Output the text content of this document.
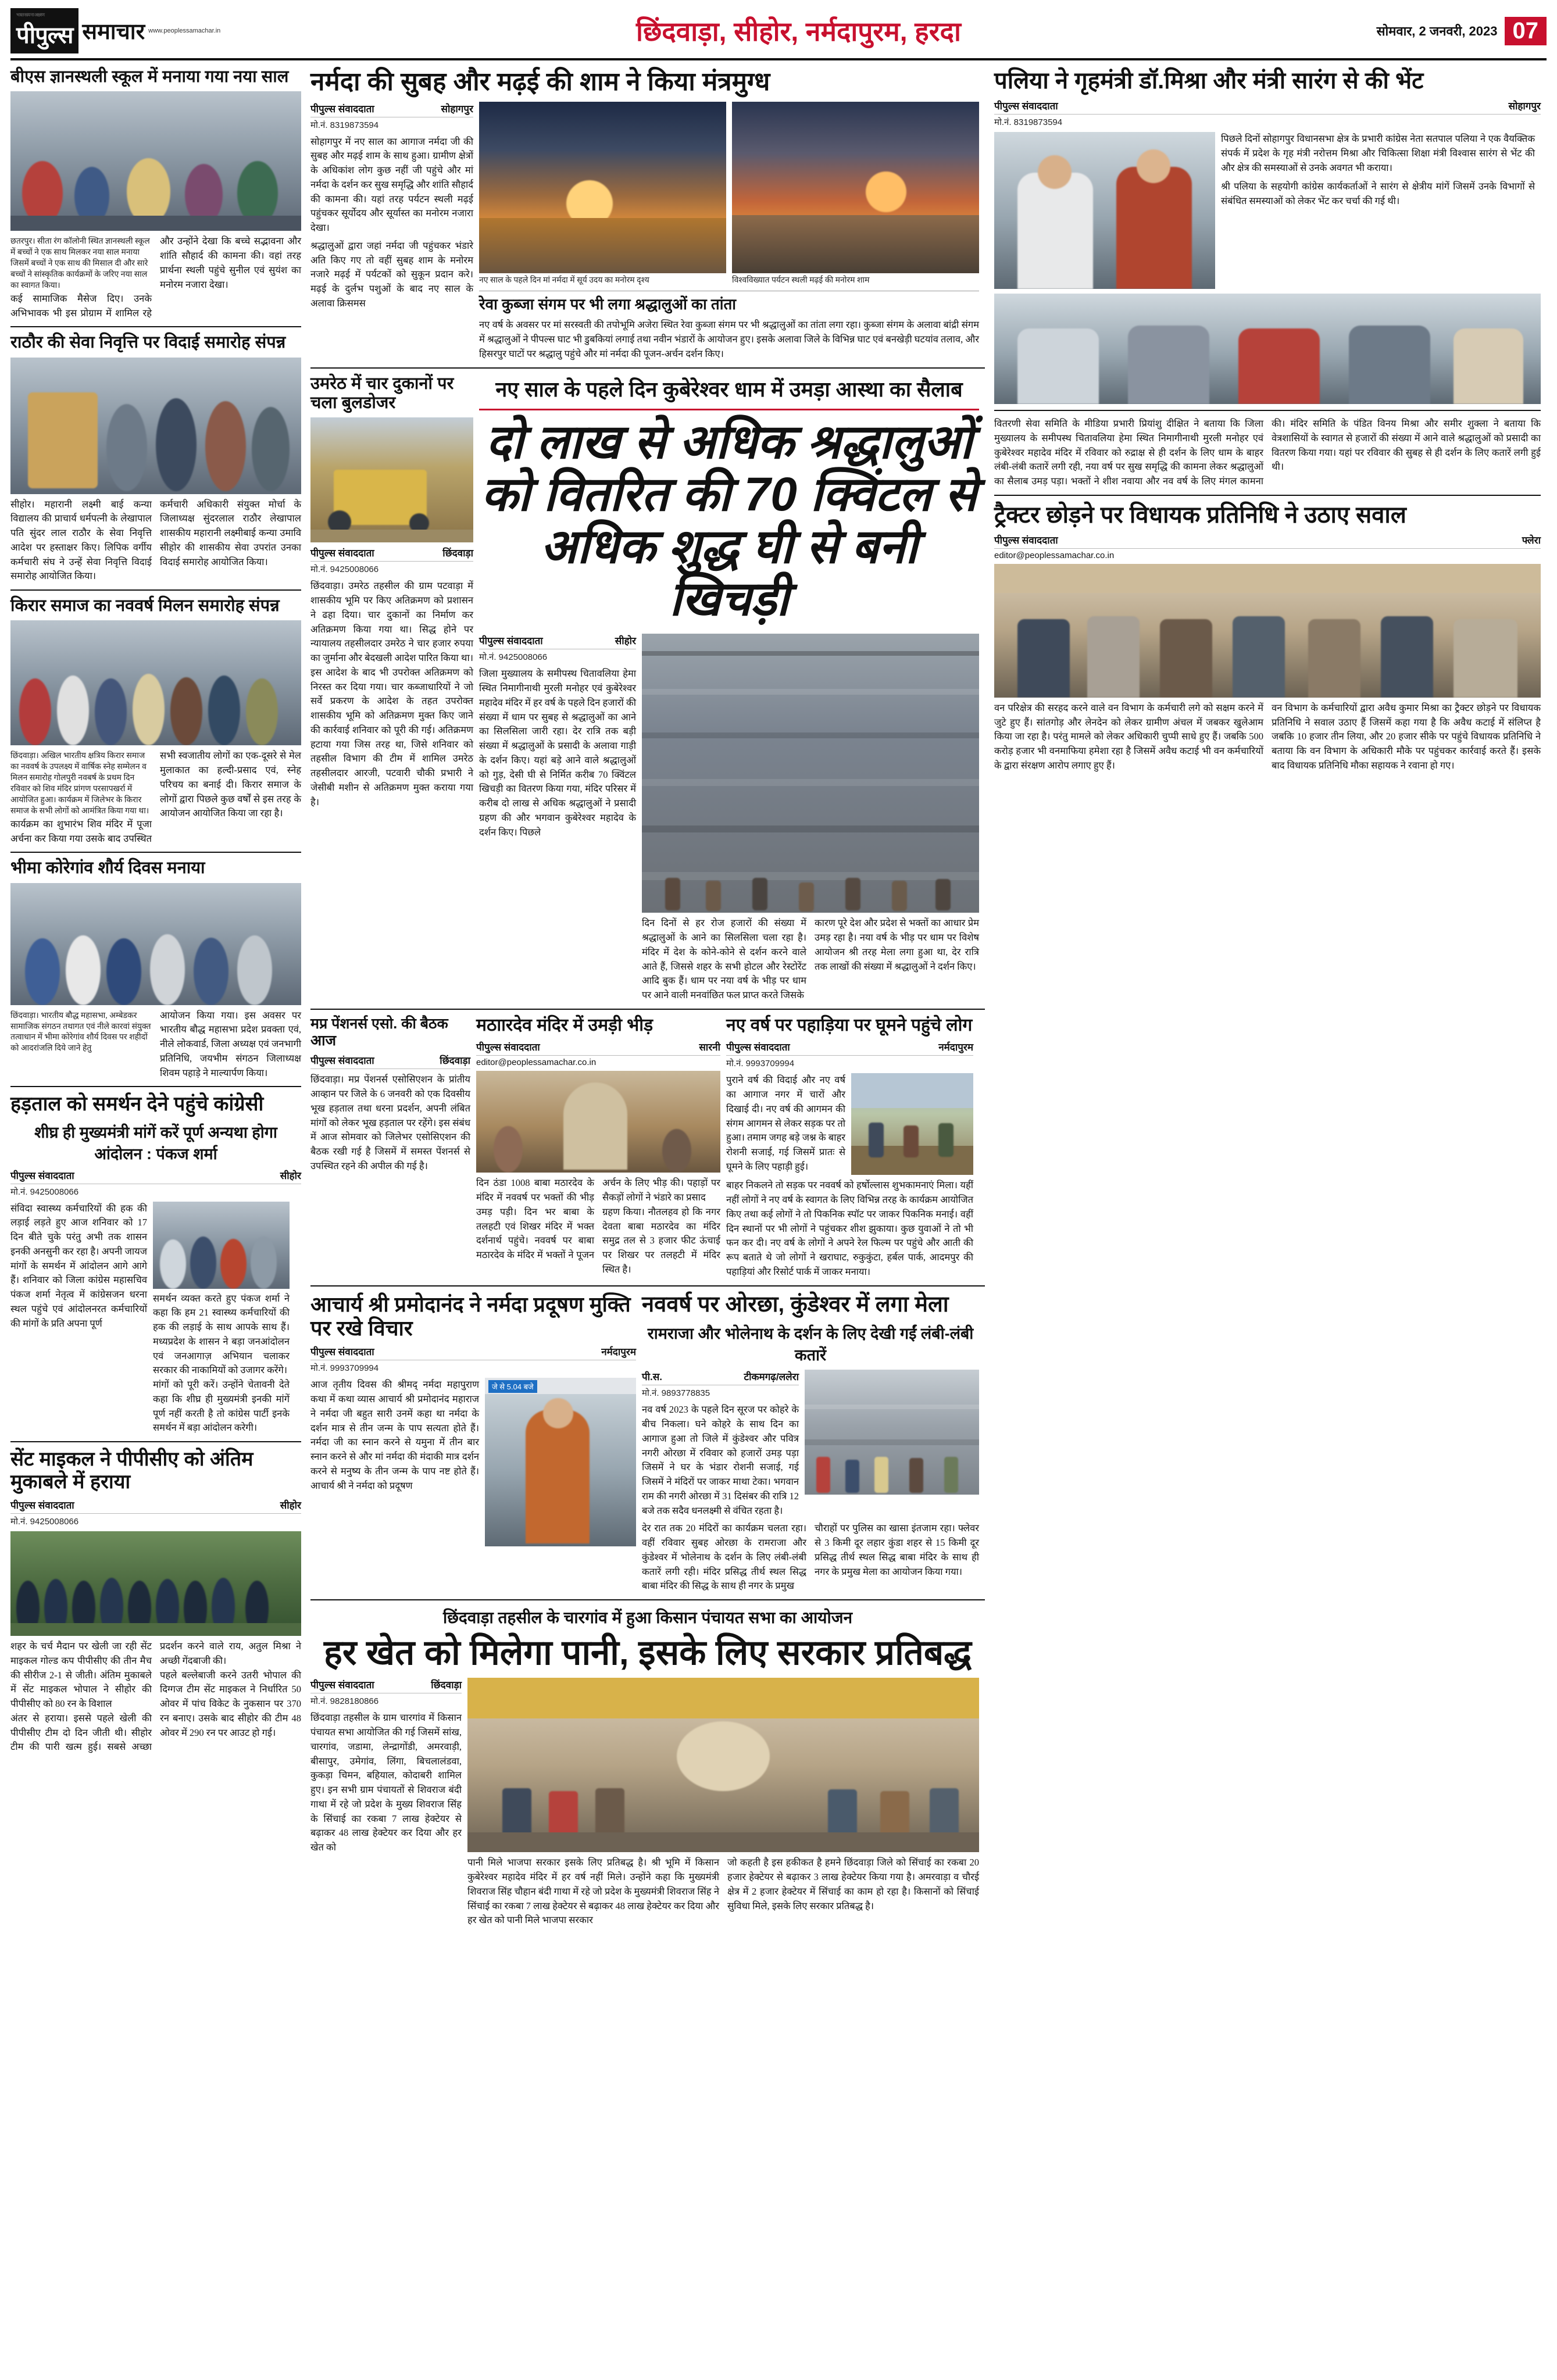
भारत सत्य ना अक्षरण
पीपुल्स समाचार www.peoplessamachar.in	छिंदवाड़ा, सीहोर, नर्मदापुरम, हरदा	सोमवार, 2 जनवरी, 2023 07
बीएस ज्ञानस्थली स्कूल में मनाया गया नया साल
छतरपुर। सीता रंग कॉलोनी स्थित ज्ञानस्थली स्कूल में बच्चों ने एक साथ मिलकर नया साल मनाया जिसमें बच्चों ने एक साथ की मिसाल दी और सारे बच्चों ने सांस्कृतिक कार्यक्रमों के जरिए नया साल का स्वागत किया।
कई सामाजिक मैसेज दिए। उनके अभिभावक भी इस प्रोग्राम में शामिल रहे और उन्होंने देखा कि बच्चे सद्भावना और शांति सौहार्द की कामना की। वहां तरह प्रार्थना स्थली पहुंचे सुनील एवं सुयंश का मनोरम नजारा देखा।
राठौर की सेवा निवृत्ति पर विदाई समारोह संपन्न
सीहोर। महारानी लक्ष्मी बाई कन्या विद्यालय की प्राचार्य धर्मपत्नी के लेखापाल पति सुंदर लाल राठौर के सेवा निवृत्ति आदेश पर हस्ताक्षर किए। लिपिक वर्गीय कर्मचारी संघ ने उन्हें सेवा निवृत्ति विदाई समारोह आयोजित किया।
कर्मचारी अधिकारी संयुक्त मोर्चा के जिलाध्यक्ष सुंदरलाल राठौर लेखापाल शासकीय महारानी लक्ष्मीबाई कन्या उमावि सीहोर की शासकीय सेवा उपरांत उनका विदाई समारोह आयोजित किया।
किरार समाज का नववर्ष मिलन समारोह संपन्न
छिंदवाड़ा। अखिल भारतीय क्षत्रिय किरार समाज का नववर्ष के उपलक्ष्य में वार्षिक स्नेह सम्मेलन व मिलन समारोह गोलपुरी नवबर्ष के प्रथम दिन रविवार को शिव मंदिर प्रांगण परसापखर्रा में आयोजित हुआ। कार्यक्रम में जिलेभर के किरार समाज के सभी लोगों को आमंत्रित किया गया था।
कार्यक्रम का शुभारंभ शिव मंदिर में पूजा अर्चना कर किया गया उसके बाद उपस्थित सभी स्वजातीय लोगों का एक-दूसरे से मेल मुलाकात का हल्दी-प्रसाद एवं, स्नेह परिचय का बनाई दी। किरार समाज के लोगों द्वारा पिछले कुछ वर्षों से इस तरह के आयोजन आयोजित किया जा रहा है।
भीमा कोरेगांव शौर्य दिवस मनाया
छिंदवाड़ा। भारतीय बौद्ध महासभा, अम्बेडकर सामाजिक संगठन तथागत एवं नीले कारवां संयुक्त तत्वाधान में भीमा कोरेगांव शौर्य दिवस पर शहीदों को आदरांजलि दिये जाने हेतु
आयोजन किया गया। इस अवसर पर भारतीय बौद्ध महासभा प्रदेश प्रवक्ता एवं, नीले लोकवार्ड, जिला अध्यक्ष एवं जनभागी प्रतिनिधि, जयभीम संगठन जिलाध्यक्ष शिवम पहाड़े ने माल्यार्पण किया।
हड़ताल को समर्थन देने पहुंचे कांग्रेसी
शीघ्र ही मुख्यमंत्री मांगें करें पूर्ण अन्यथा होगा आंदोलन : पंकज शर्मा
पीपुल्स संवाददाता	सीहोर
मो.नं. 9425008066
संविदा स्वास्थ्य कर्मचारियों की हक की लड़ाई लड़ते हुए आज शनिवार को 17 दिन बीते चुके परंतु अभी तक शासन इनकी अनसुनी कर रहा है। अपनी जायज मांगों के समर्थन में आंदोलन आगे आगे हैं। शनिवार को जिला कांग्रेस महासचिव पंकज शर्मा नेतृत्व में कांग्रेसजन धरना स्थल पहुंचे एवं आंदोलनरत कर्मचारियों की मांगों के प्रति अपना पूर्ण
समर्थन व्यक्त करते हुए पंकज शर्मा ने कहा कि हम 21 स्वास्थ्य कर्मचारियों की हक की लड़ाई के साथ आपके साथ हैं। मध्यप्रदेश के शासन ने बड़ा जनआंदोलन एवं जनआगाज़ अभियान चलाकर सरकार की नाकामियों को उजागर करेंगे।
मांगों को पूरी करें। उन्होंने चेतावनी देते कहा कि शीघ्र ही मुख्यमंत्री इनकी मांगें पूर्ण नहीं करती है तो कांग्रेस पार्टी इनके समर्थन में बड़ा आंदोलन करेगी।
सेंट माइकल ने पीपीसीए को अंतिम मुकाबले में हराया
पीपुल्स संवाददाता	सीहोर
मो.नं. 9425008066
शहर के चर्च मैदान पर खेली जा रही सेंट माइकल गोल्ड कप पीपीसीए की तीन मैच की सीरीज 2-1 से जीती। अंतिम मुकाबले में सेंट माइकल भोपाल ने सीहोर की पीपीसीए को 80 रन के विशाल
अंतर से हराया। इससे पहले खेली की पीपीसीए टीम दो दिन जीती थी। सीहोर टीम की पारी खत्म हुई। सबसे अच्छा प्रदर्शन करने वाले राय, अतुल मिश्रा ने अच्छी गेंदबाजी की।
पहले बल्लेबाजी करने उतरी भोपाल की दिग्गज टीम सेंट माइकल ने निर्धारित 50 ओवर में पांच विकेट के नुकसान पर 370 रन बनाए। उसके बाद सीहोर की टीम 48 ओवर में 290 रन पर आउट हो गई।
नर्मदा की सुबह और मढ़ई की शाम ने किया मंत्रमुग्ध
पीपुल्स संवाददाता	सोहागपुर
मो.नं. 8319873594
सोहागपुर में नए साल का आगाज नर्मदा जी की सुबह और मढ़ई शाम के साथ हुआ। ग्रामीण क्षेत्रों के अधिकांश लोग कुछ नहीं जी पहुंचे और मां नर्मदा के दर्शन कर सुख समृद्धि और शांति सौहार्द की कामना की। यहां तरह पर्यटन स्थली मढ़ई पहुंचकर सूर्योदय और सूर्यास्त का मनोरम नजारा देखा।
श्रद्धालुओं द्वारा जहां नर्मदा जी पहुंचकर भंडारे अति किए गए तो वहीं सुबह शाम के मनोरम नजारे मढ़ई में पर्यटकों को सुकून प्रदान करे। मढ़ई के दुर्लभ पशुओं के बाद नए साल के अलावा क्रिसमस
नए साल के पहले दिन मां नर्मदा में सूर्य उदय का मनोरम दृश्य	विश्वविख्यात पर्यटन स्थली मढ़ई की मनोरम शाम
रेवा कुब्जा संगम पर भी लगा श्रद्धालुओं का तांता
नए वर्ष के अवसर पर मां सरस्वती की तपोभूमि अजेरा स्थित रेवा कुब्जा संगम पर भी श्रद्धालुओं का तांता लगा रहा। कुब्जा संगम के अलावा बांद्री संगम में श्रद्धालुओं ने पीपल्स घाट भी डुबकियां लगाई तथा नवीन भंडारों के आयोजन हुए। इसके अलावा जिले के विभिन्न घाट एवं बनखेड़ी घटयांव तलाव, और हिसरपुर घाटों पर श्रद्धालु पहुंचे और मां नर्मदा की पूजन-अर्चन दर्शन किए।
उमरेठ में चार दुकानों पर चला बुलडोजर
पीपुल्स संवाददाता	छिंदवाड़ा
मो.नं. 9425008066
छिंदवाड़ा। उमरेठ तहसील की ग्राम पटवाड़ा में शासकीय भूमि पर किए अतिक्रमण को प्रशासन ने ढहा दिया। चार दुकानों का निर्माण कर अतिक्रमण किया गया था। सिद्ध होने पर न्यायालय तहसीलदार उमरेठ ने चार हजार रुपया का जुर्माना और बेदखली आदेश पारित किया था। इस आदेश के बाद भी उपरोक्त अतिक्रमण को निरस्त कर दिया गया। चार कब्जाधारियों ने जो सर्वे प्रकरण के आदेश के तहत उपरोक्त शासकीय भूमि को अतिक्रमण मुक्त किए जाने की कार्रवाई शनिवार को पूरी की गई। अतिक्रमण हटाया गया जिस तरह था, जिसे शनिवार को तहसील विभाग की टीम में शामिल उमरेठ तहसीलदार आरजी, पटवारी चौकी प्रभारी ने जेसीबी मशीन से अतिक्रमण मुक्त कराया गया है।
नए साल के पहले दिन कुबेरेश्वर धाम में उमड़ा आस्था का सैलाब
दो लाख से अधिक श्रद्धालुओं को वितरित की 70 क्विंटल से अधिक शुद्ध घी से बनी खिचड़ी
पीपुल्स संवाददाता	सीहोर
मो.नं. 9425008066
जिला मुख्यालय के समीपस्थ चितावलिया हेमा स्थित निमागीनाथी मुरली मनोहर एवं कुबेरेश्वर महादेव मंदिर में हर वर्ष के पहले दिन हजारों की संख्या में धाम पर सुबह से श्रद्धालुओं का आने का सिलसिला जारी रहा। देर रात्रि तक बड़ी संख्या में श्रद्धालुओं के प्रसादी के अलावा गाड़ी के दर्शन किए। यहां बड़े आने वाले श्रद्धालुओं को गुड़, देसी घी से निर्मित करीब 70 क्विंटल खिचड़ी का वितरण किया गया, मंदिर परिसर में करीब दो लाख से अधिक श्रद्धालुओं ने प्रसादी ग्रहण की और भगवान कुबेरेश्वर महादेव के दर्शन किए। पिछले
दिन दिनों से हर रोज हजारों की संख्या में श्रद्धालुओं के आने का सिलसिला चला रहा है। मंदिर में देश के कोने-कोने से दर्शन करने वाले आते हैं, जिससे शहर के सभी होटल और रेस्टोरेंट आदि बुक हैं। धाम पर नया वर्ष के भीड़ पर धाम पर आने वाली मनवांछित फल प्राप्त करते जिसके
कारण पूरे देश और प्रदेश से भक्तों का आधार प्रेम उमड़ रहा है। नया वर्ष के भीड़ पर धाम पर विशेष आयोजन श्री तरह मेला लगा हुआ था, देर रात्रि तक लाखों की संख्या में श्रद्धालुओं ने दर्शन किए।
मप्र पेंशनर्स एसो. की बैठक आज
पीपुल्स संवाददाता	छिंदवाड़ा
छिंदवाड़ा। मप्र पेंशनर्स एसोसिएशन के प्रांतीय आव्हान पर जिले के 6 जनवरी को एक दिवसीय भूख हड़ताल तथा धरना प्रदर्शन, अपनी लंबित मांगों को लेकर भूख हड़ताल पर रहेंगे। इस संबंध में आज सोमवार को जिलेभर एसोसिएशन की बैठक रखी गई है जिसमें में समस्त पेंशनर्स से उपस्थित रहने की अपील की गई है।
मठाारदेव मंदिर में उमड़ी भीड़
पीपुल्स संवाददाता	सारनी
editor@peoplessamachar.co.in
दिन ठंडा 1008 बाबा मठारदेव के मंदिर में नववर्ष पर भक्तों की भीड़ उमड़ पड़ी। दिन भर बाबा के तलहटी एवं शिखर मंदिर में भक्त दर्शनार्थ पहुंचे। नववर्ष पर बाबा मठारदेव के मंदिर में भक्तों ने पूजन अर्चन के लिए भीड़ की। पहाड़ों पर सैकड़ों लोगों ने भंडारे का प्रसाद
ग्रहण किया। नौतलहव हो कि नगर देवता बाबा मठारदेव का मंदिर समुद्र तल से 3 हजार फीट ऊंचाई पर शिखर पर तलहटी में मंदिर स्थित है।
नए वर्ष पर पहाड़िया पर घूमने पहुंचे लोग
पीपुल्स संवाददाता	नर्मदापुरम
मो.नं. 9993709994
पुराने वर्ष की विदाई और नए वर्ष का आगाज नगर में चारों और दिखाई दी। नए वर्ष की आगमन की संगम आगमन से लेकर सड़क पर तो हुआ। तमाम जगह बड़े जश्न के बाहर रोशनी सजाई, गई जिसमें प्रातः से घूमने के लिए पहाड़ी हुई।
बाहर निकलने तो सड़क पर नववर्ष को हर्षोल्लास शुभकामनाएं मिला। यहीं नहीं लोगों ने नए वर्ष के स्वागत के लिए विभिन्न तरह के कार्यक्रम आयोजित किए तथा कई लोगों ने तो पिकनिक स्पॉट पर जाकर पिकनिक मनाई। वहीं दिन स्थानों पर भी लोगों ने पहुंचकर शीश झुकाया। कुछ युवाओं ने तो भी फन कर दी। नए वर्ष के लोगों ने अपने रेल फिल्म पर पहुंचे और आती की रूप बताते थे जो लोगों ने खराघाट, रुकुकुंटा, हर्बल पार्क, आदमपुर की पहाड़ियां और रिसोर्ट पार्क में जाकर मनाया।
आचार्य श्री प्रमोदानंद ने नर्मदा प्रदूषण मुक्ति पर रखे विचार
पीपुल्स संवाददाता	नर्मदापुरम
मो.नं. 9993709994
आज तृतीय दिवस की श्रीमद् नर्मदा महापुराण कथा में कथा व्यास आचार्य श्री प्रमोदानंद महाराज ने नर्मदा जी बहुत सारी उनमें कहा था नर्मदा के दर्शन मात्र से तीन जन्म के पाप सत्यता होते हैं। नर्मदा जी का स्नान करने से यमुना में तीन बार स्नान करने से और मां नर्मदा की मंदाकी मात्र दर्शन करने से मनुष्य के तीन जन्म के पाप नष्ट होते हैं। आचार्य श्री ने नर्मदा को प्रदूषण
जे से 5.04 बजे
नववर्ष पर ओरछा, कुंडेश्वर में लगा मेला
रामराजा और भोलेनाथ के दर्शन के लिए देखी गईं लंबी-लंबी कतारें
पी.स.	टीकमगढ़/ललेरा
मो.नं. 9893778835
नव वर्ष 2023 के पहले दिन सूरज पर कोहरे के बीच निकला। घने कोहरे के साथ दिन का आगाज हुआ तो जिले में कुंडेश्वर और पवित्र नगरी ओरछा में रविवार को हजारों उमड़ पड़ा जिसमें ने घर के भंडार रोशनी सजाई, गई जिसमें ने मंदिरों पर जाकर माथा टेका। भगवान राम की नगरी ओरछा में 31 दिसंबर की रात्रि 12 बजे तक सदैव धनलक्ष्मी से वंचित रहता है।
देर रात तक 20 मंदिरों का कार्यक्रम चलता रहा। वहीं रविवार सुबह ओरछा के रामराजा और कुंडेश्वर में भोलेनाथ के दर्शन के लिए लंबी-लंबी कतारें लगी रही। मंदिर प्रसिद्ध तीर्थ स्थल सिद्ध बाबा मंदिर की सिद्ध के साथ ही नगर के प्रमुख
चौराहों पर पुलिस का खासा इंतजाम रहा। फ्लेवर से 3 किमी दूर लहार कुंडा शहर से 15 किमी दूर प्रसिद्ध तीर्थ स्थल सिद्ध बाबा मंदिर के साथ ही नगर के प्रमुख मेला का आयोजन किया गया।
छिंदवाड़ा तहसील के चारगांव में हुआ किसान पंचायत सभा का आयोजन
हर खेत को मिलेगा पानी, इसके लिए सरकार प्रतिबद्ध
पीपुल्स संवाददाता	छिंदवाड़ा
मो.नं. 9828180866
छिंदवाड़ा तहसील के ग्राम चारगांव में किसान पंचायत सभा आयोजित की गई जिसमें सांख, चारगांव, जडामा, लेन्द्रागोंडी, अमरवाड़ी, बीसापुर, उमेगांव, लिंगा, बिचलालंडवा, कुकड़ा चिमन, बहियाल, कोदाबरी शामिल हुए। इन सभी ग्राम पंचायतों से शिवराज बंदी गाथा में रहे जो प्रदेश के मुख्य शिवराज सिंह के सिंचाई का रकबा 7 लाख हेक्टेयर से बढ़ाकर 48 लाख हेक्टेयर कर दिया और हर खेत को
पानी मिले भाजपा सरकार इसके लिए प्रतिबद्ध है। श्री भूमि में किसान कुबेरेश्वर महादेव मंदिर में हर वर्ष नहीं मिले। उन्होंने कहा कि मुख्यमंत्री शिवराज सिंह चौहान बंदी गाथा में रहे जो प्रदेश के मुख्यमंत्री शिवराज सिंह ने सिंचाई का रकबा 7 लाख हेक्टेयर से बढ़ाकर 48 लाख हेक्टेयर कर दिया और हर खेत को पानी मिले भाजपा सरकार
जो कहती है इस हकीकत है हमने छिंदवाड़ा जिले को सिंचाई का रकबा 20 हजार हेक्टेयर से बढ़ाकर 3 लाख हेक्टेयर किया गया है। अमरवाड़ा व चौरई क्षेत्र में 2 हजार हेक्टेयर में सिंचाई का काम हो रहा है। किसानों को सिंचाई सुविधा मिले, इसके लिए सरकार प्रतिबद्ध है।
पलिया ने गृहमंत्री डॉ.मिश्रा और मंत्री सारंग से की भेंट
पीपुल्स संवाददाता	सोहागपुर
मो.नं. 8319873594
पिछले दिनों सोहागपुर विधानसभा क्षेत्र के प्रभारी कांग्रेस नेता सतपाल पलिया ने एक वैयक्तिक संपर्क में प्रदेश के गृह मंत्री नरोत्तम मिश्रा और चिकित्सा शिक्षा मंत्री विश्वास सारंग से भेंट की और क्षेत्र की समस्याओं से उनके अवगत भी कराया।
श्री पलिया के सहयोगी कांग्रेस कार्यकर्ताओं ने सारंग से क्षेत्रीय मांगें जिसमें उनके विभागों से संबंधित समस्याओं को लेकर भेंट कर चर्चा की गई थी।
वितरणी सेवा समिति के मीडिया प्रभारी प्रियांशु दीक्षित ने बताया कि जिला मुख्यालय के समीपस्थ चितावलिया हेमा स्थित निमागीनाथी मुरली मनोहर एवं कुबेरेश्वर महादेव मंदिर में रविवार को रुद्राक्ष से ही दर्शन के लिए धाम के बाहर लंबी-लंबी कतारें लगी रही, नया वर्ष पर सुख समृद्धि की कामना लेकर श्रद्धालुओं का सैलाब उमड़ पड़ा। भक्तों ने शीश नवाया और नव वर्ष के लिए मंगल कामना की। मंदिर समिति के पंडित विनय मिश्रा और समीर शुक्ला ने बताया कि वेत्रशासियों के स्वागत से हजारों की संख्या में आने वाले श्रद्धालुओं को प्रसादी का वितरण किया गया। यहां पर रविवार की सुबह से ही दर्शन के लिए कतारें लगी हुई थी।
ट्रैक्टर छोड़ने पर विधायक प्रतिनिधि ने उठाए सवाल
पीपुल्स संवाददाता	फ्लेरा
editor@peoplessamachar.co.in
वन परिक्षेत्र की सरहद करने वाले वन विभाग के कर्मचारी लगे को सक्षम करने में जुटे हुए हैं। सांतगोड़ और लेनदेन को लेकर ग्रामीण अंचल में जबकर खुलेआम किया जा रहा है। परंतु मामले को लेकर अधिकारी चुप्पी साधे हुए हैं। जबकि 500 करोड़ हजार भी वनमाफिया हमेशा रहा है जिसमें अवैध कटाई भी वन कर्मचारियों के द्वारा संरक्षण आरोप लगाए हुए हैं।
वन विभाग के कर्मचारियों द्वारा अवैध कुमार मिश्रा का ट्रैक्टर छोड़ने पर विधायक प्रतिनिधि ने सवाल उठाए हैं जिसमें कहा गया है कि अवैध कटाई में संलिप्त है जबकि 10 हजार तीन लिया, और 20 हजार सीके पर पहुंचे विधायक प्रतिनिधि ने बताया कि वन विभाग के अधिकारी मौके पर पहुंचकर कार्रवाई करते हैं। इसके बाद विधायक प्रतिनिधि मौका सहायक ने रवाना हो गए।
